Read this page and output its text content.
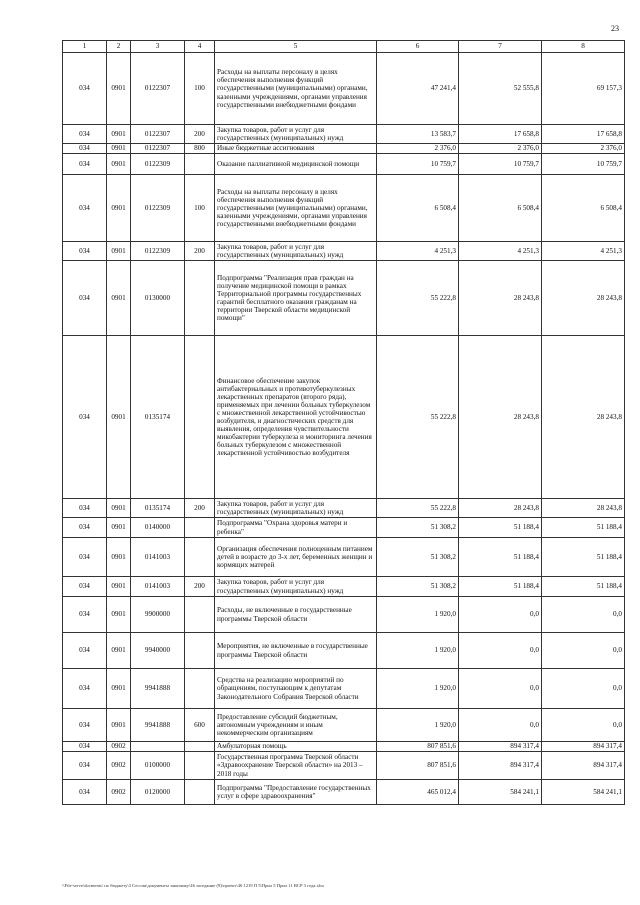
23
1	2	3	4	5	6	7	8
034	0901	0122307	100	Расходы на выплаты персоналу в целях обеспечения выполнения функций государственными (муниципальными) органами, казенными учреждениями, органами управления государственными внебюджетными фондами	47 241,4	52 555,8	69 157,3
034	0901	0122307	200	Закупка товаров, работ и услуг для государственных (муниципальных) нужд	13 583,7	17 658,8	17 658,8
034	0901	0122307	800	Иные бюджетные ассигнования	2 376,0	2 376,0	2 376,0
034	0901	0122309		Оказание паллиативной медицинской помощи	10 759,7	10 759,7	10 759,7
034	0901	0122309	100	Расходы на выплаты персоналу в целях обеспечения выполнения функций государственными (муниципальными) органами, казенными учреждениями, органами управления государственными внебюджетными фондами	6 508,4	6 508,4	6 508,4
034	0901	0122309	200	Закупка товаров, работ и услуг для государственных (муниципальных) нужд	4 251,3	4 251,3	4 251,3
034	0901	0130000		Подпрограмма "Реализация прав граждан на получение медицинской помощи в рамках Территориальной программы государственных гарантий бесплатного оказания гражданам на территории Тверской области медицинской помощи"	55 222,8	28 243,8	28 243,8
034	0901	0135174		Финансовое обеспечение закупок антибактериальных и противотуберкулезных лекарственных препаратов (второго ряда), применяемых при лечении больных туберкулезом с множественной лекарственной устойчивостью возбудителя, и диагностических средств для выявления, определения чувствительности микобактерии туберкулеза и мониторинга лечения больных туберкулезом с множественной лекарственной устойчивостью возбудителя	55 222,8	28 243,8	28 243,8
034	0901	0135174	200	Закупка товаров, работ и услуг для государственных (муниципальных) нужд	55 222,8	28 243,8	28 243,8
034	0901	0140000		Подпрограмма "Охрана здоровья матери и ребенка"	51 308,2	51 188,4	51 188,4
034	0901	0141003		Организация обеспечения полноценным питанием детей в возрасте до 3-х лет, беременных женщин и кормящих матерей	51 308,2	51 188,4	51 188,4
034	0901	0141003	200	Закупка товаров, работ и услуг для государственных (муниципальных) нужд	51 308,2	51 188,4	51 188,4
034	0901	9900000		Расходы, не включенные в государственные программы Тверской области	1 920,0	0,0	0,0
034	0901	9940000		Мероприятия, не включенные в государственные программы Тверской области	1 920,0	0,0	0,0
034	0901	9941888		Средства на реализацию мероприятий по обращениям, поступающим к депутатам Законодательного Собрания Тверской области	1 920,0	0,0	0,0
034	0901	9941888	600	Предоставление субсидий бюджетным, автономным учреждениям и иным некоммерческим организациям	1 920,0	0,0	0,0
034	0902			Амбулаторная помощь	807 851,6	894 317,4	894 317,4
034	0902	0100000		Государственная программа Тверской области «Здравоохранение Тверской области» на 2013 – 2018 годы	807 851,6	894 317,4	894 317,4
034	0902	0120000		Подпрограмма "Предоставление государственных услуг в сфере здравоохранения"	465 012,4	584 241,1	584 241,1
\\File-serve\docments\ по бюджету\3 Сессия\документы заказчику\46 заседание (9)\проект\46 1219 П 5\Прил 5 Прил 11 ВСР 3 года.xlsx
